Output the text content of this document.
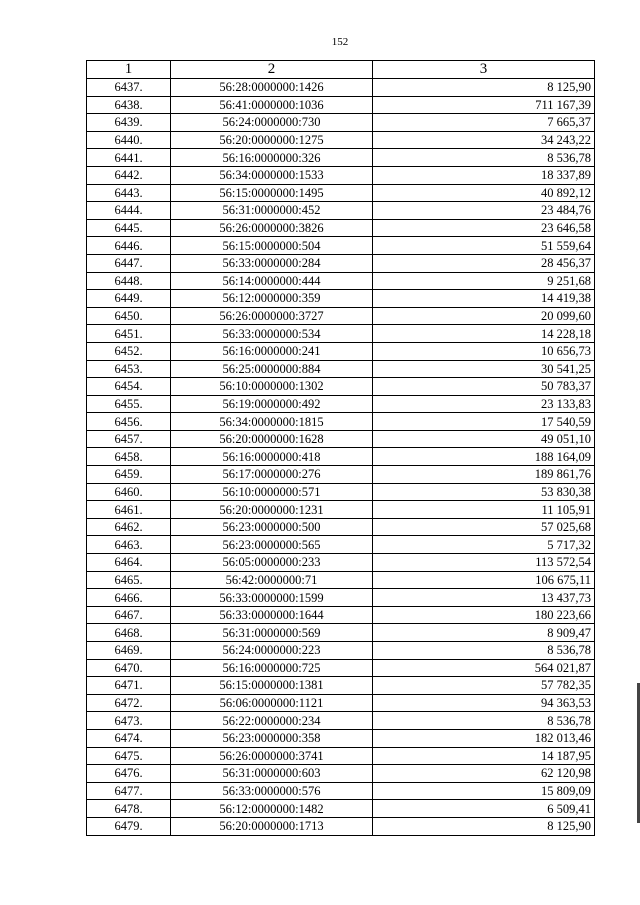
152
1	2	3
6437.	56:28:0000000:1426	8 125,90
6438.	56:41:0000000:1036	711 167,39
6439.	56:24:0000000:730	7 665,37
6440.	56:20:0000000:1275	34 243,22
6441.	56:16:0000000:326	8 536,78
6442.	56:34:0000000:1533	18 337,89
6443.	56:15:0000000:1495	40 892,12
6444.	56:31:0000000:452	23 484,76
6445.	56:26:0000000:3826	23 646,58
6446.	56:15:0000000:504	51 559,64
6447.	56:33:0000000:284	28 456,37
6448.	56:14:0000000:444	9 251,68
6449.	56:12:0000000:359	14 419,38
6450.	56:26:0000000:3727	20 099,60
6451.	56:33:0000000:534	14 228,18
6452.	56:16:0000000:241	10 656,73
6453.	56:25:0000000:884	30 541,25
6454.	56:10:0000000:1302	50 783,37
6455.	56:19:0000000:492	23 133,83
6456.	56:34:0000000:1815	17 540,59
6457.	56:20:0000000:1628	49 051,10
6458.	56:16:0000000:418	188 164,09
6459.	56:17:0000000:276	189 861,76
6460.	56:10:0000000:571	53 830,38
6461.	56:20:0000000:1231	11 105,91
6462.	56:23:0000000:500	57 025,68
6463.	56:23:0000000:565	5 717,32
6464.	56:05:0000000:233	113 572,54
6465.	56:42:0000000:71	106 675,11
6466.	56:33:0000000:1599	13 437,73
6467.	56:33:0000000:1644	180 223,66
6468.	56:31:0000000:569	8 909,47
6469.	56:24:0000000:223	8 536,78
6470.	56:16:0000000:725	564 021,87
6471.	56:15:0000000:1381	57 782,35
6472.	56:06:0000000:1121	94 363,53
6473.	56:22:0000000:234	8 536,78
6474.	56:23:0000000:358	182 013,46
6475.	56:26:0000000:3741	14 187,95
6476.	56:31:0000000:603	62 120,98
6477.	56:33:0000000:576	15 809,09
6478.	56:12:0000000:1482	6 509,41
6479.	56:20:0000000:1713	8 125,90
